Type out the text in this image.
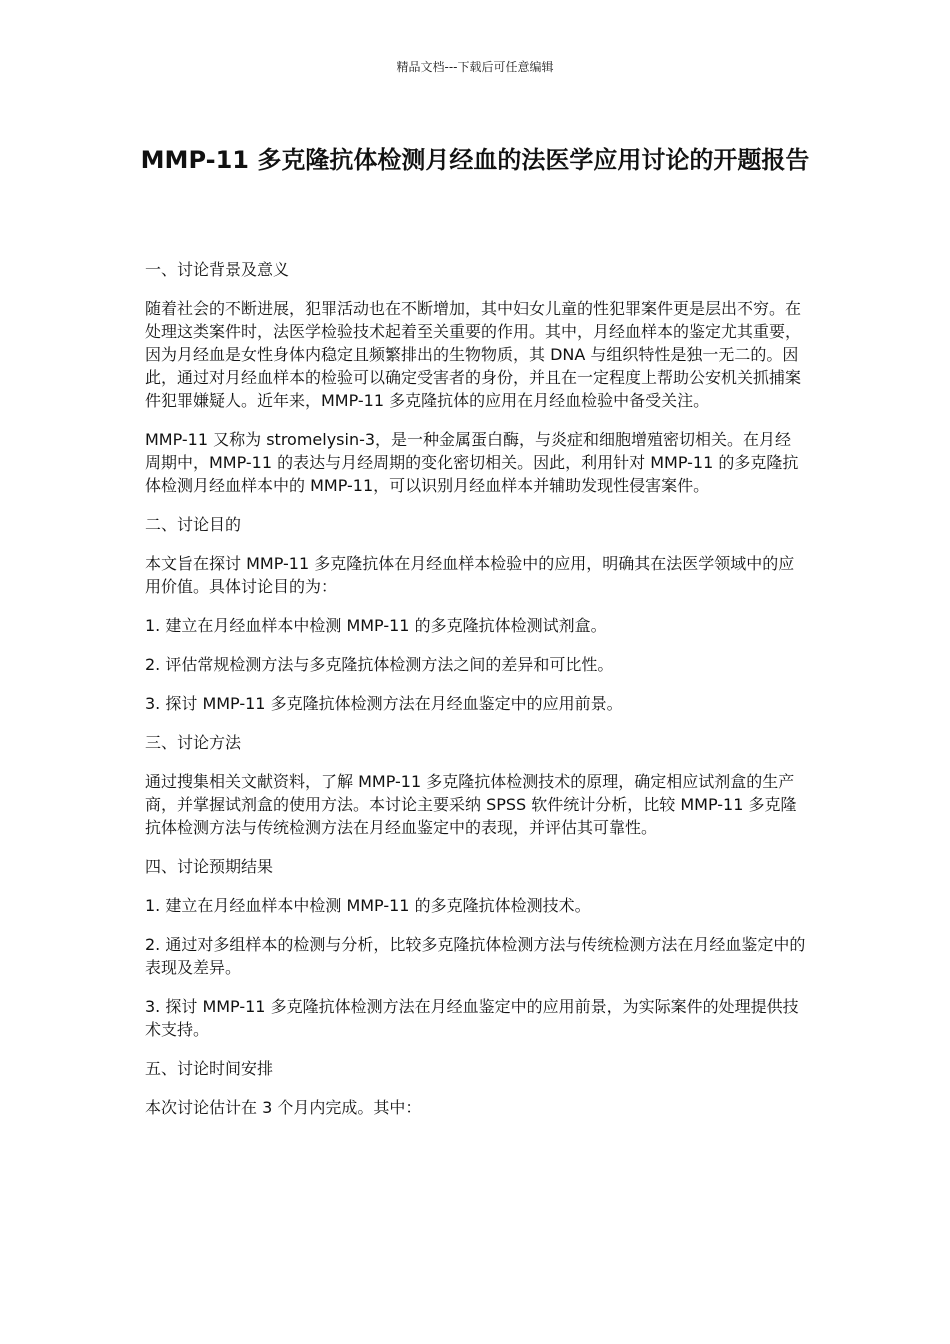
精品文档---下载后可任意编辑
MMP-11 多克隆抗体检测月经血的法医学应用讨论的开题报告

一、讨论背景及意义

随着社会的不断进展，犯罪活动也在不断增加，其中妇女儿童的性犯罪案件更是层出不穷。在处理这类案件时，法医学检验技术起着至关重要的作用。其中，月经血样本的鉴定尤其重要，因为月经血是女性身体内稳定且频繁排出的生物物质，其 DNA 与组织特性是独一无二的。因此，通过对月经血样本的检验可以确定受害者的身份，并且在一定程度上帮助公安机关抓捕案件犯罪嫌疑人。近年来，MMP-11 多克隆抗体的应用在月经血检验中备受关注。

MMP-11 又称为 stromelysin-3，是一种金属蛋白酶，与炎症和细胞增殖密切相关。在月经周期中，MMP-11 的表达与月经周期的变化密切相关。因此，利用针对 MMP-11 的多克隆抗体检测月经血样本中的 MMP-11，可以识别月经血样本并辅助发现性侵害案件。

二、讨论目的

本文旨在探讨 MMP-11 多克隆抗体在月经血样本检验中的应用，明确其在法医学领域中的应用价值。具体讨论目的为：

1. 建立在月经血样本中检测 MMP-11 的多克隆抗体检测试剂盒。

2. 评估常规检测方法与多克隆抗体检测方法之间的差异和可比性。

3. 探讨 MMP-11 多克隆抗体检测方法在月经血鉴定中的应用前景。

三、讨论方法

通过搜集相关文献资料，了解 MMP-11 多克隆抗体检测技术的原理，确定相应试剂盒的生产商，并掌握试剂盒的使用方法。本讨论主要采纳 SPSS 软件统计分析，比较 MMP-11 多克隆抗体检测方法与传统检测方法在月经血鉴定中的表现，并评估其可靠性。

四、讨论预期结果

1. 建立在月经血样本中检测 MMP-11 的多克隆抗体检测技术。

2. 通过对多组样本的检测与分析，比较多克隆抗体检测方法与传统检测方法在月经血鉴定中的表现及差异。

3. 探讨 MMP-11 多克隆抗体检测方法在月经血鉴定中的应用前景，为实际案件的处理提供技术支持。

五、讨论时间安排

本次讨论估计在 3 个月内完成。其中：
